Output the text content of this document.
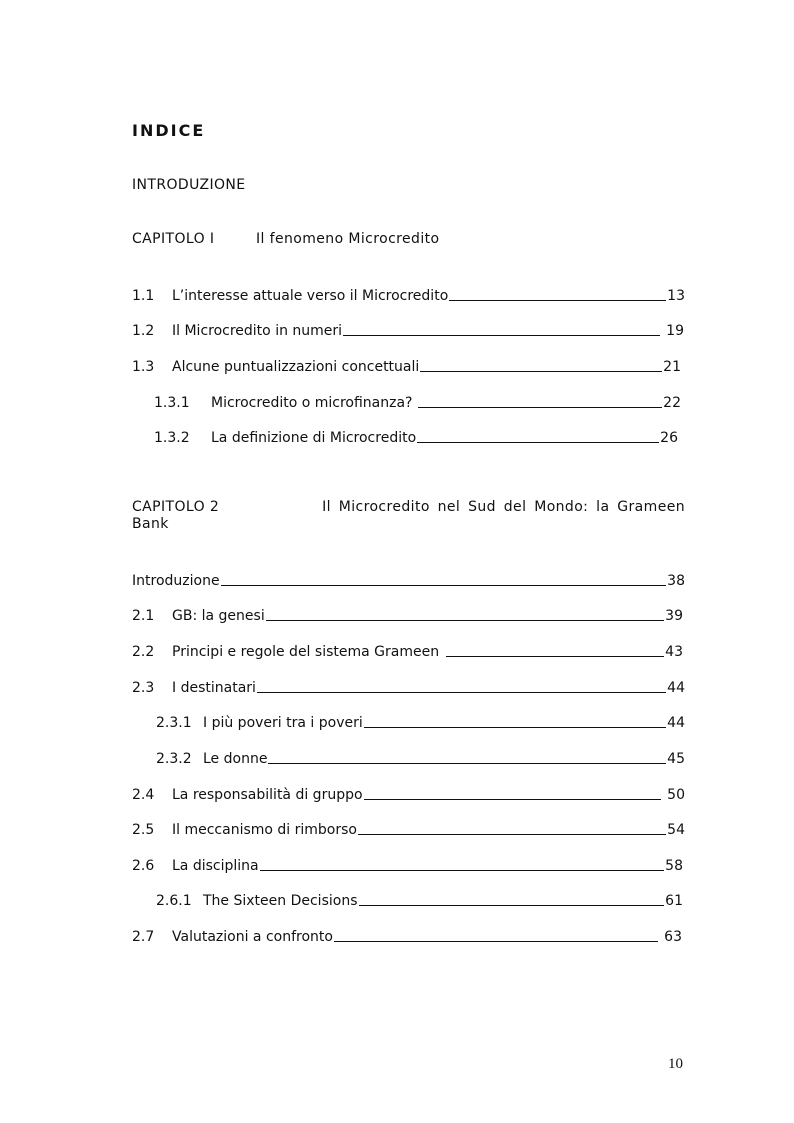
INDICE
INTRODUZIONE
CAPITOLO I	Il fenomeno Microcredito
1.1	L’interesse attuale verso il Microcredito	13
1.2	Il Microcredito in numeri	19
1.3	Alcune puntualizzazioni concettuali	21
1.3.1	Microcredito o microfinanza?	22
1.3.2	La definizione di Microcredito	26
CAPITOLO 2	Il Microcredito nel Sud del Mondo: la Grameen
Bank
Introduzione	38
2.1	GB: la genesi	39
2.2	Principi e regole del sistema Grameen	43
2.3	I destinatari	44
2.3.1 I più poveri tra i poveri	44
2.3.2 Le donne	45
2.4	La responsabilità di gruppo	50
2.5	Il meccanismo di rimborso	54
2.6	La disciplina	58
2.6.1 The Sixteen Decisions	61
2.7	Valutazioni a confronto	63
10
